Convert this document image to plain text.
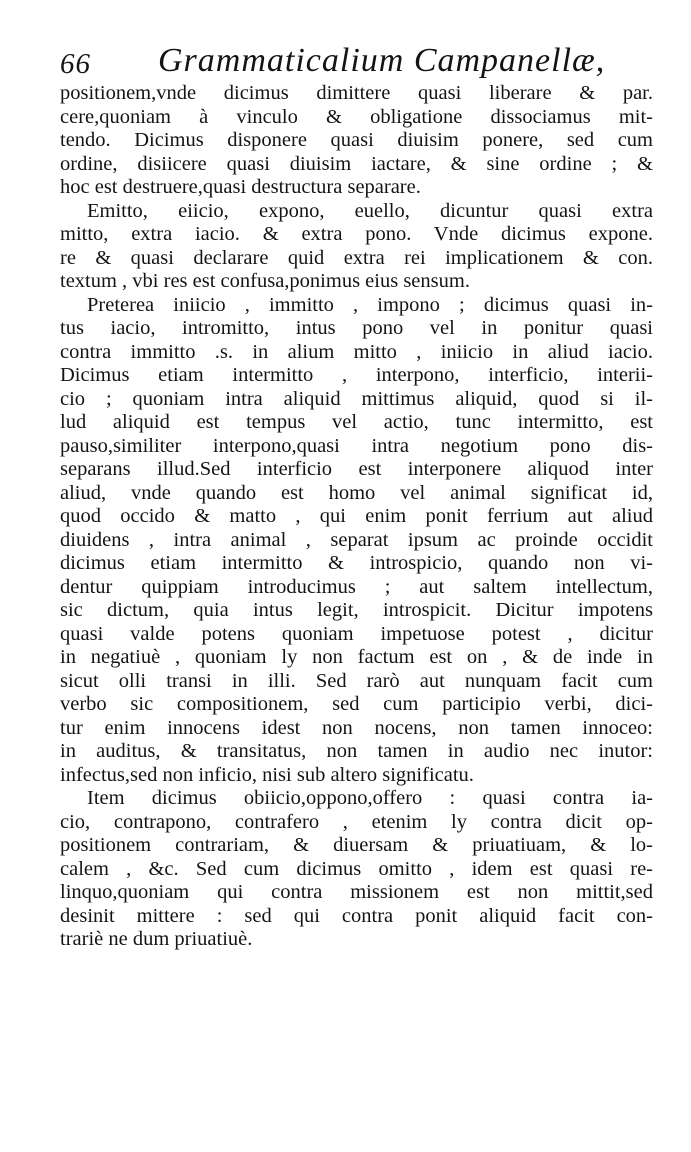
66 Grammaticalium Campanellæ,
positionem,vnde dicimus dimittere quasi liberare & par.
cere,quoniam à vinculo & obligatione dissociamus mit-
tendo. Dicimus disponere quasi diuisim ponere, sed cum
ordine, disiicere quasi diuisim iactare, & sine ordine ; &
hoc est destruere,quasi destructura separare.
Emitto, eiicio, expono, euello, dicuntur quasi extra
mitto, extra iacio. & extra pono. Vnde dicimus expone.
re & quasi declarare quid extra rei implicationem & con.
textum , vbi res est confusa,ponimus eius sensum.
Preterea iniicio , immitto , impono ; dicimus quasi in-
tus iacio, intromitto, intus pono vel in ponitur quasi
contra immitto .s. in alium mitto , iniicio in aliud iacio.
Dicimus etiam intermitto , interpono, interficio, interii-
cio ; quoniam intra aliquid mittimus aliquid, quod si il-
lud aliquid est tempus vel actio, tunc intermitto, est
pauso,similiter interpono,quasi intra negotium pono dis-
separans illud.Sed interficio est interponere aliquod inter
aliud, vnde quando est homo vel animal significat id,
quod occido & matto , qui enim ponit ferrium aut aliud
diuidens , intra animal , separat ipsum ac proinde occidit
dicimus etiam intermitto & introspicio, quando non vi-
dentur quippiam introducimus ; aut saltem intellectum,
sic dictum, quia intus legit, introspicit. Dicitur impotens
quasi valde potens quoniam impetuose potest , dicitur
in negatiuè , quoniam ly non factum est on , & de inde in
sicut olli transi in illi. Sed rarò aut nunquam facit cum
verbo sic compositionem, sed cum participio verbi, dici-
tur enim innocens idest non nocens, non tamen innoceo:
in auditus, & transitatus, non tamen in audio nec inutor:
infectus,sed non inficio, nisi sub altero significatu.
Item dicimus obiicio,oppono,offero : quasi contra ia-
cio, contrapono, contrafero , etenim ly contra dicit op-
positionem contrariam, & diuersam & priuatiuam, & lo-
calem , &c. Sed cum dicimus omitto , idem est quasi re-
linquo,quoniam qui contra missionem est non mittit,sed
desinit mittere : sed qui contra ponit aliquid facit con-
trariè ne dum priuatiuè.
